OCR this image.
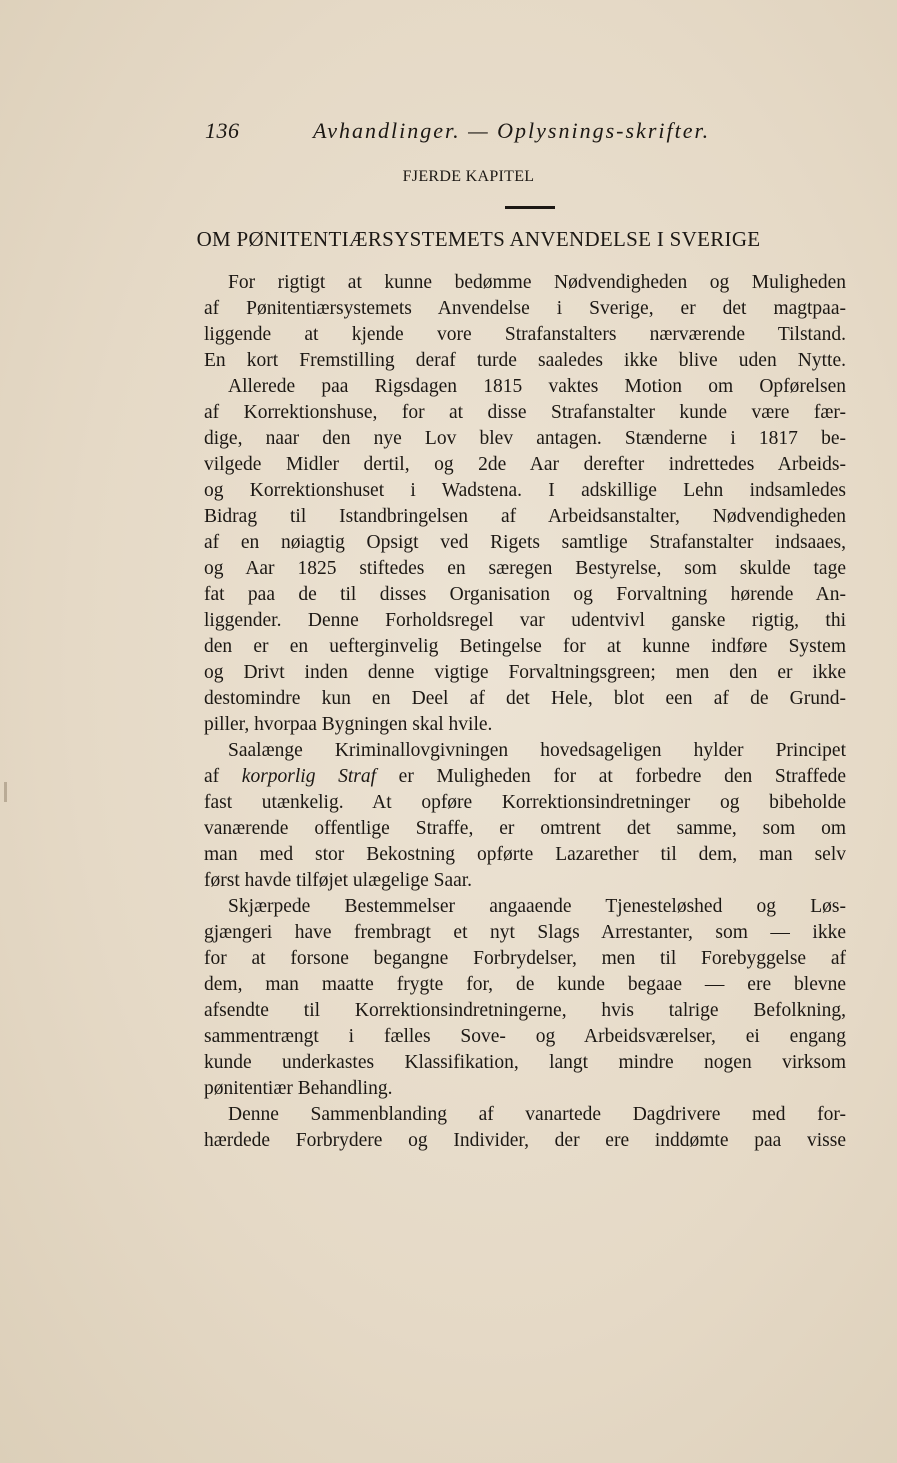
136	Avhandlinger. — Oplysnings-skrifter.
FJERDE KAPITEL
OM PØNITENTIÆRSYSTEMETS ANVENDELSE I SVERIGE
For rigtigt at kunne bedømme Nødvendigheden og Muligheden
af Pønitentiærsystemets Anvendelse i Sverige, er det magtpaa-
liggende at kjende vore Strafanstalters nærværende Tilstand.
En kort Fremstilling deraf turde saaledes ikke blive uden Nytte.
Allerede paa Rigsdagen 1815 vaktes Motion om Opførelsen
af Korrektionshuse, for at disse Strafanstalter kunde være fær-
dige, naar den nye Lov blev antagen. Stænderne i 1817 be-
vilgede Midler dertil, og 2de Aar derefter indrettedes Arbeids-
og Korrektionshuset i Wadstena. I adskillige Lehn indsamledes
Bidrag til Istandbringelsen af Arbeidsanstalter, Nødvendigheden
af en nøiagtig Opsigt ved Rigets samtlige Strafanstalter indsaaes,
og Aar 1825 stiftedes en særegen Bestyrelse, som skulde tage
fat paa de til disses Organisation og Forvaltning hørende An-
liggender. Denne Forholdsregel var udentvivl ganske rigtig, thi
den er en uefterginvelig Betingelse for at kunne indføre System
og Drivt inden denne vigtige Forvaltningsgreen; men den er ikke
destomindre kun en Deel af det Hele, blot een af de Grund-
piller, hvorpaa Bygningen skal hvile.
Saalænge Kriminallovgivningen hovedsageligen hylder Principet
af korporlig Straf er Muligheden for at forbedre den Straffede
fast utænkelig. At opføre Korrektionsindretninger og bibeholde
vanærende offentlige Straffe, er omtrent det samme, som om
man med stor Bekostning opførte Lazarether til dem, man selv
først havde tilføjet ulægelige Saar.
Skjærpede Bestemmelser angaaende Tjenesteløshed og Løs-
gjængeri have frembragt et nyt Slags Arrestanter, som — ikke
for at forsone begangne Forbrydelser, men til Forebyggelse af
dem, man maatte frygte for, de kunde begaae — ere blevne
afsendte til Korrektionsindretningerne, hvis talrige Befolkning,
sammentrængt i fælles Sove- og Arbeidsværelser, ei engang
kunde underkastes Klassifikation, langt mindre nogen virksom
pønitentiær Behandling.
Denne Sammenblanding af vanartede Dagdrivere med for-
hærdede Forbrydere og Individer, der ere inddømte paa visse
